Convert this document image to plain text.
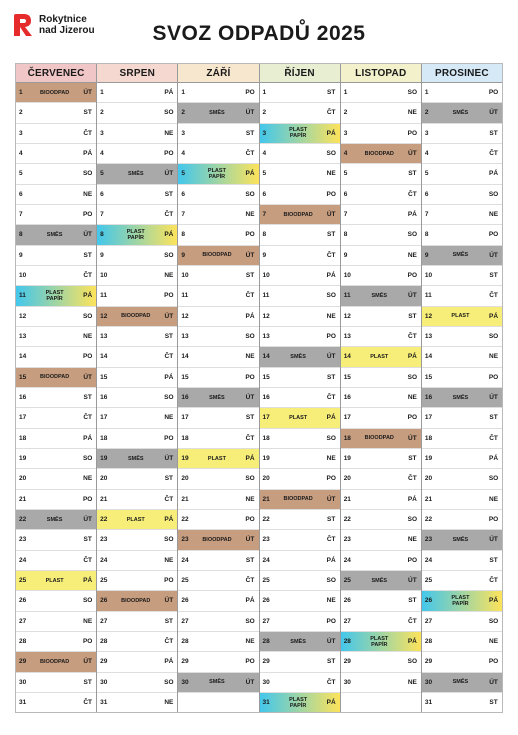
Rokytnice
nad Jizerou	SVOZ ODPADŮ 2025
ČERVENEC
1	BIOODPAD	ÚT
2	ST
3	ČT
4	PÁ
5	SO
6	NE
7	PO
8	SMĚS	ÚT
9	ST
10	ČT
11	PLAST
PAPÍR	PÁ
12	SO
13	NE
14	PO
15	BIOODPAD	ÚT
16	ST
17	ČT
18	PÁ
19	SO
20	NE
21	PO
22	SMĚS	ÚT
23	ST
24	ČT
25	PLAST	PÁ
26	SO
27	NE
28	PO
29	BIOODPAD	ÚT
30	ST
31	ČT
SRPEN
1	PÁ
2	SO
3	NE
4	PO
5	SMĚS	ÚT
6	ST
7	ČT
8	PLAST
PAPÍR	PÁ
9	SO
10	NE
11	PO
12	BIOODPAD	ÚT
13	ST
14	ČT
15	PÁ
16	SO
17	NE
18	PO
19	SMĚS	ÚT
20	ST
21	ČT
22	PLAST	PÁ
23	SO
24	NE
25	PO
26	BIOODPAD	ÚT
27	ST
28	ČT
29	PÁ
30	SO
31	NE
ZÁŘÍ
1	PO
2	SMĚS	ÚT
3	ST
4	ČT
5	PLAST
PAPÍR	PÁ
6	SO
7	NE
8	PO
9	BIOODPAD	ÚT
10	ST
11	ČT
12	PÁ
13	SO
14	NE
15	PO
16	SMĚS	ÚT
17	ST
18	ČT
19	PLAST	PÁ
20	SO
21	NE
22	PO
23	BIOODPAD	ÚT
24	ST
25	ČT
26	PÁ
27	SO
28	NE
29	PO
30	SMĚS	ÚT
ŘÍJEN
1	ST
2	ČT
3	PLAST
PAPÍR	PÁ
4	SO
5	NE
6	PO
7	BIOODPAD	ÚT
8	ST
9	ČT
10	PÁ
11	SO
12	NE
13	PO
14	SMĚS	ÚT
15	ST
16	ČT
17	PLAST	PÁ
18	SO
19	NE
20	PO
21	BIOODPAD	ÚT
22	ST
23	ČT
24	PÁ
25	SO
26	NE
27	PO
28	SMĚS	ÚT
29	ST
30	ČT
31	PLAST
PAPÍR	PÁ
LISTOPAD
1	SO
2	NE
3	PO
4	BIOODPAD	ÚT
5	ST
6	ČT
7	PÁ
8	SO
9	NE
10	PO
11	SMĚS	ÚT
12	ST
13	ČT
14	PLAST	PÁ
15	SO
16	NE
17	PO
18	BIOODPAD	ÚT
19	ST
20	ČT
21	PÁ
22	SO
23	NE
24	PO
25	SMĚS	ÚT
26	ST
27	ČT
28	PLAST
PAPÍR	PÁ
29	SO
30	NE
PROSINEC
1	PO
2	SMĚS	ÚT
3	ST
4	ČT
5	PÁ
6	SO
7	NE
8	PO
9	SMĚS	ÚT
10	ST
11	ČT
12	PLAST	PÁ
13	SO
14	NE
15	PO
16	SMĚS	ÚT
17	ST
18	ČT
19	PÁ
20	SO
21	NE
22	PO
23	SMĚS	ÚT
24	ST
25	ČT
26	PLAST
PAPÍR	PÁ
27	SO
28	NE
29	PO
30	SMĚS	ÚT
31	ST
